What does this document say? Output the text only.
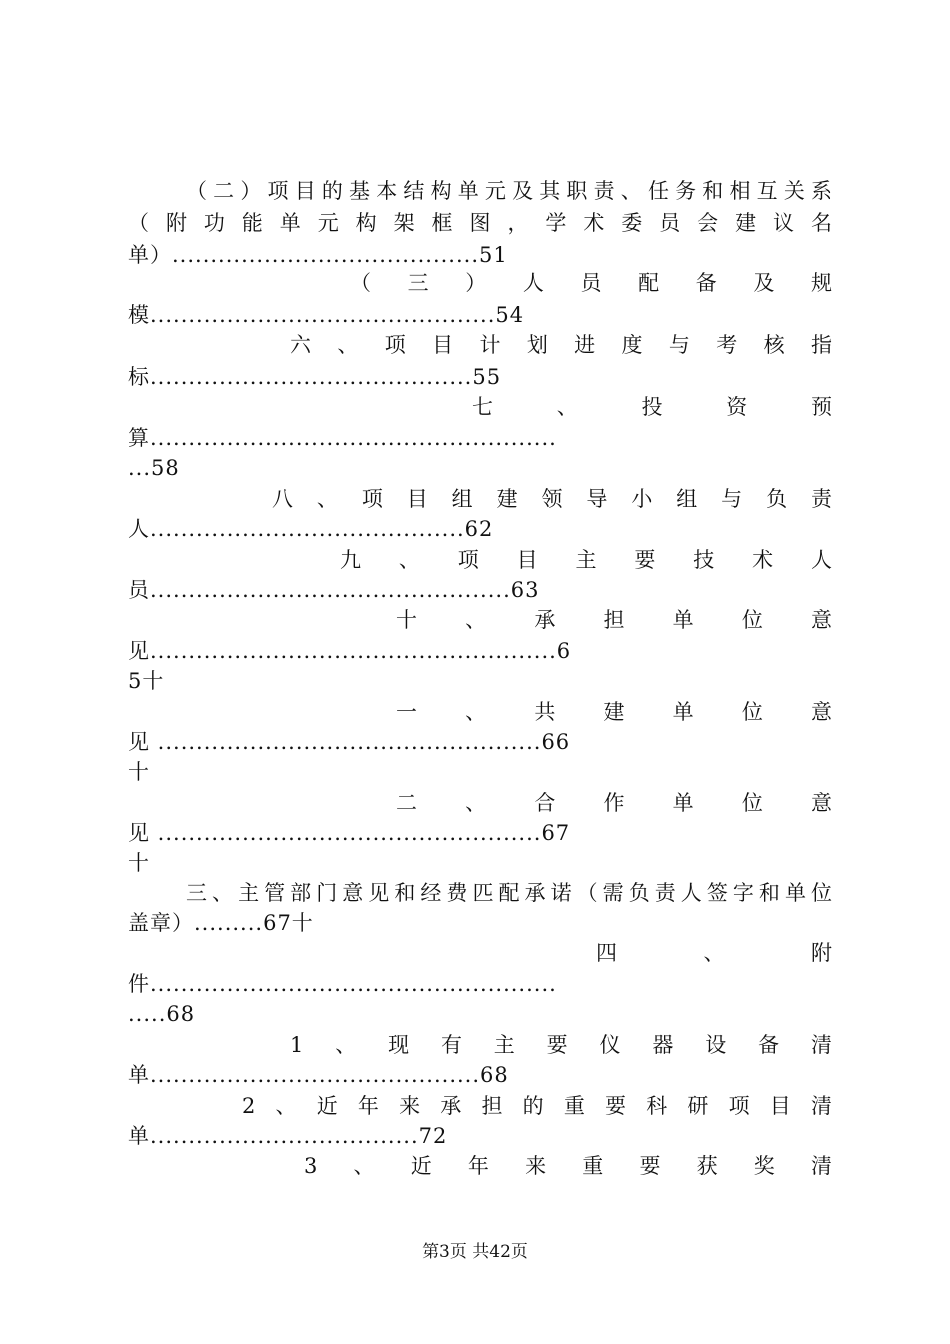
（二）项目的基本结构单元及其职责、任务和相互关系
（附功能单元构架框图，学术委员会建议名
单）........................................51
（三）人员配备及规
模.............................................54
六、项目计划进度与考核指
标..........................................55
七、投资预
算.....................................................
...58
八、项目组建领导小组与负责
人.........................................62
九、项目主要技术人
员...............................................63
十、承担单位意
见.....................................................6
5十
一、共建单位意
见 ..................................................66
十
二、合作单位意
见 ..................................................67
十
三、主管部门意见和经费匹配承诺（需负责人签字和单位
盖章）.........67十
四、附
件.....................................................
.....68
1、现有主要仪器设备清
单...........................................68
2、近年来承担的重要科研项目清
单...................................72
3、近年来重要获奖清
第3页 共42页
